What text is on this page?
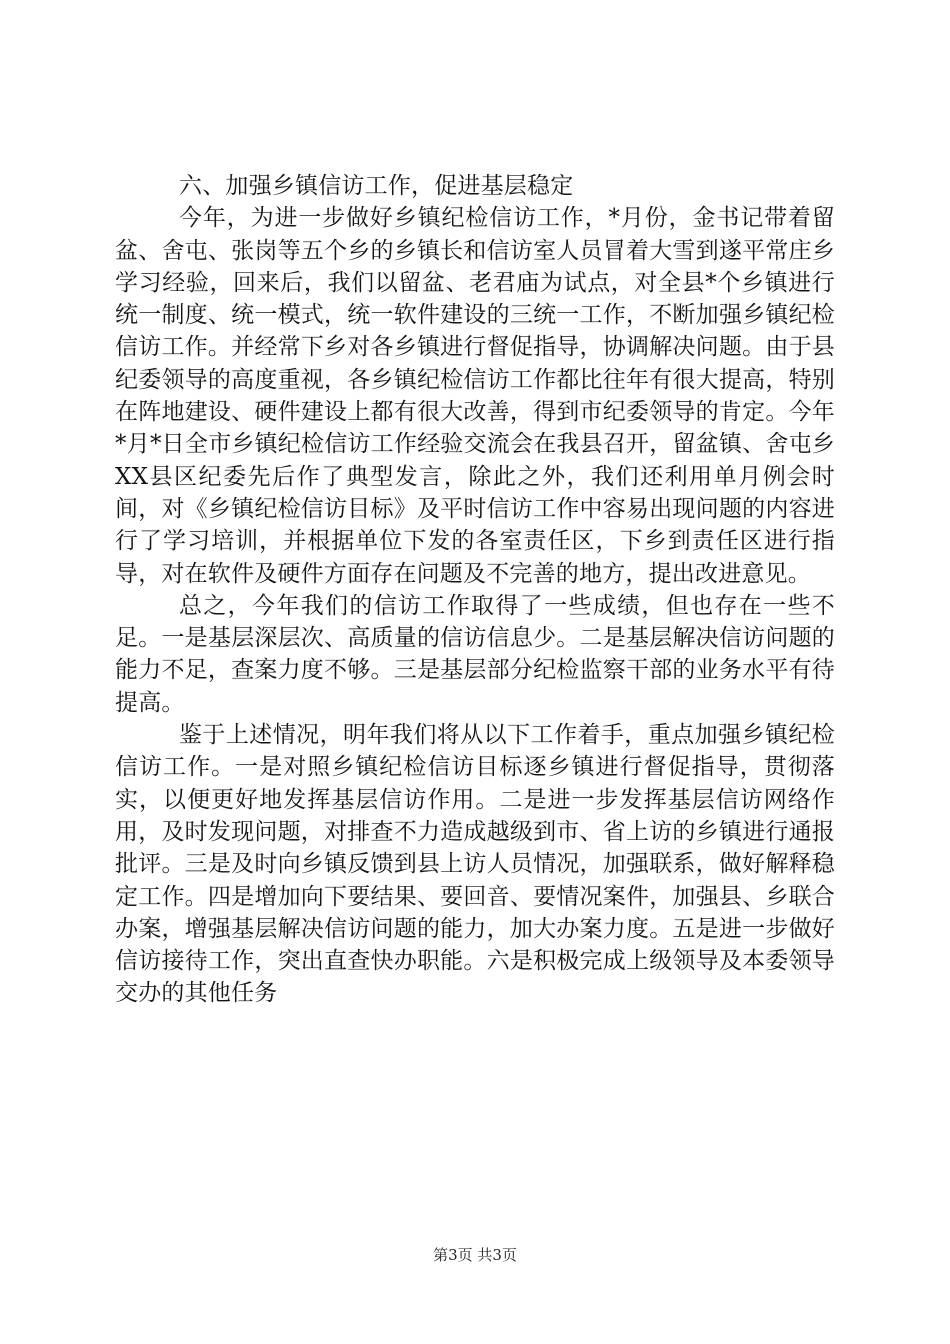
六、加强乡镇信访工作，促进基层稳定

今年，为进一步做好乡镇纪检信访工作，*月份，金书记带着留盆、舍屯、张岗等五个乡的乡镇长和信访室人员冒着大雪到遂平常庄乡学习经验，回来后，我们以留盆、老君庙为试点，对全县*个乡镇进行统一制度、统一模式，统一软件建设的三统一工作，不断加强乡镇纪检信访工作。并经常下乡对各乡镇进行督促指导，协调解决问题。由于县纪委领导的高度重视，各乡镇纪检信访工作都比往年有很大提高，特别在阵地建设、硬件建设上都有很大改善，得到市纪委领导的肯定。今年*月*日全市乡镇纪检信访工作经验交流会在我县召开，留盆镇、舍屯乡XX县区纪委先后作了典型发言，除此之外，我们还利用单月例会时间，对《乡镇纪检信访目标》及平时信访工作中容易出现问题的内容进行了学习培训，并根据单位下发的各室责任区，下乡到责任区进行指导，对在软件及硬件方面存在问题及不完善的地方，提出改进意见。

总之，今年我们的信访工作取得了一些成绩，但也存在一些不足。一是基层深层次、高质量的信访信息少。二是基层解决信访问题的能力不足，查案力度不够。三是基层部分纪检监察干部的业务水平有待提高。

鉴于上述情况，明年我们将从以下工作着手，重点加强乡镇纪检信访工作。一是对照乡镇纪检信访目标逐乡镇进行督促指导，贯彻落实，以便更好地发挥基层信访作用。二是进一步发挥基层信访网络作用，及时发现问题，对排查不力造成越级到市、省上访的乡镇进行通报批评。三是及时向乡镇反馈到县上访人员情况，加强联系，做好解释稳定工作。四是增加向下要结果、要回音、要情况案件，加强县、乡联合办案，增强基层解决信访问题的能力，加大办案力度。五是进一步做好信访接待工作，突出直查快办职能。六是积极完成上级领导及本委领导交办的其他任务

第3页 共3页
